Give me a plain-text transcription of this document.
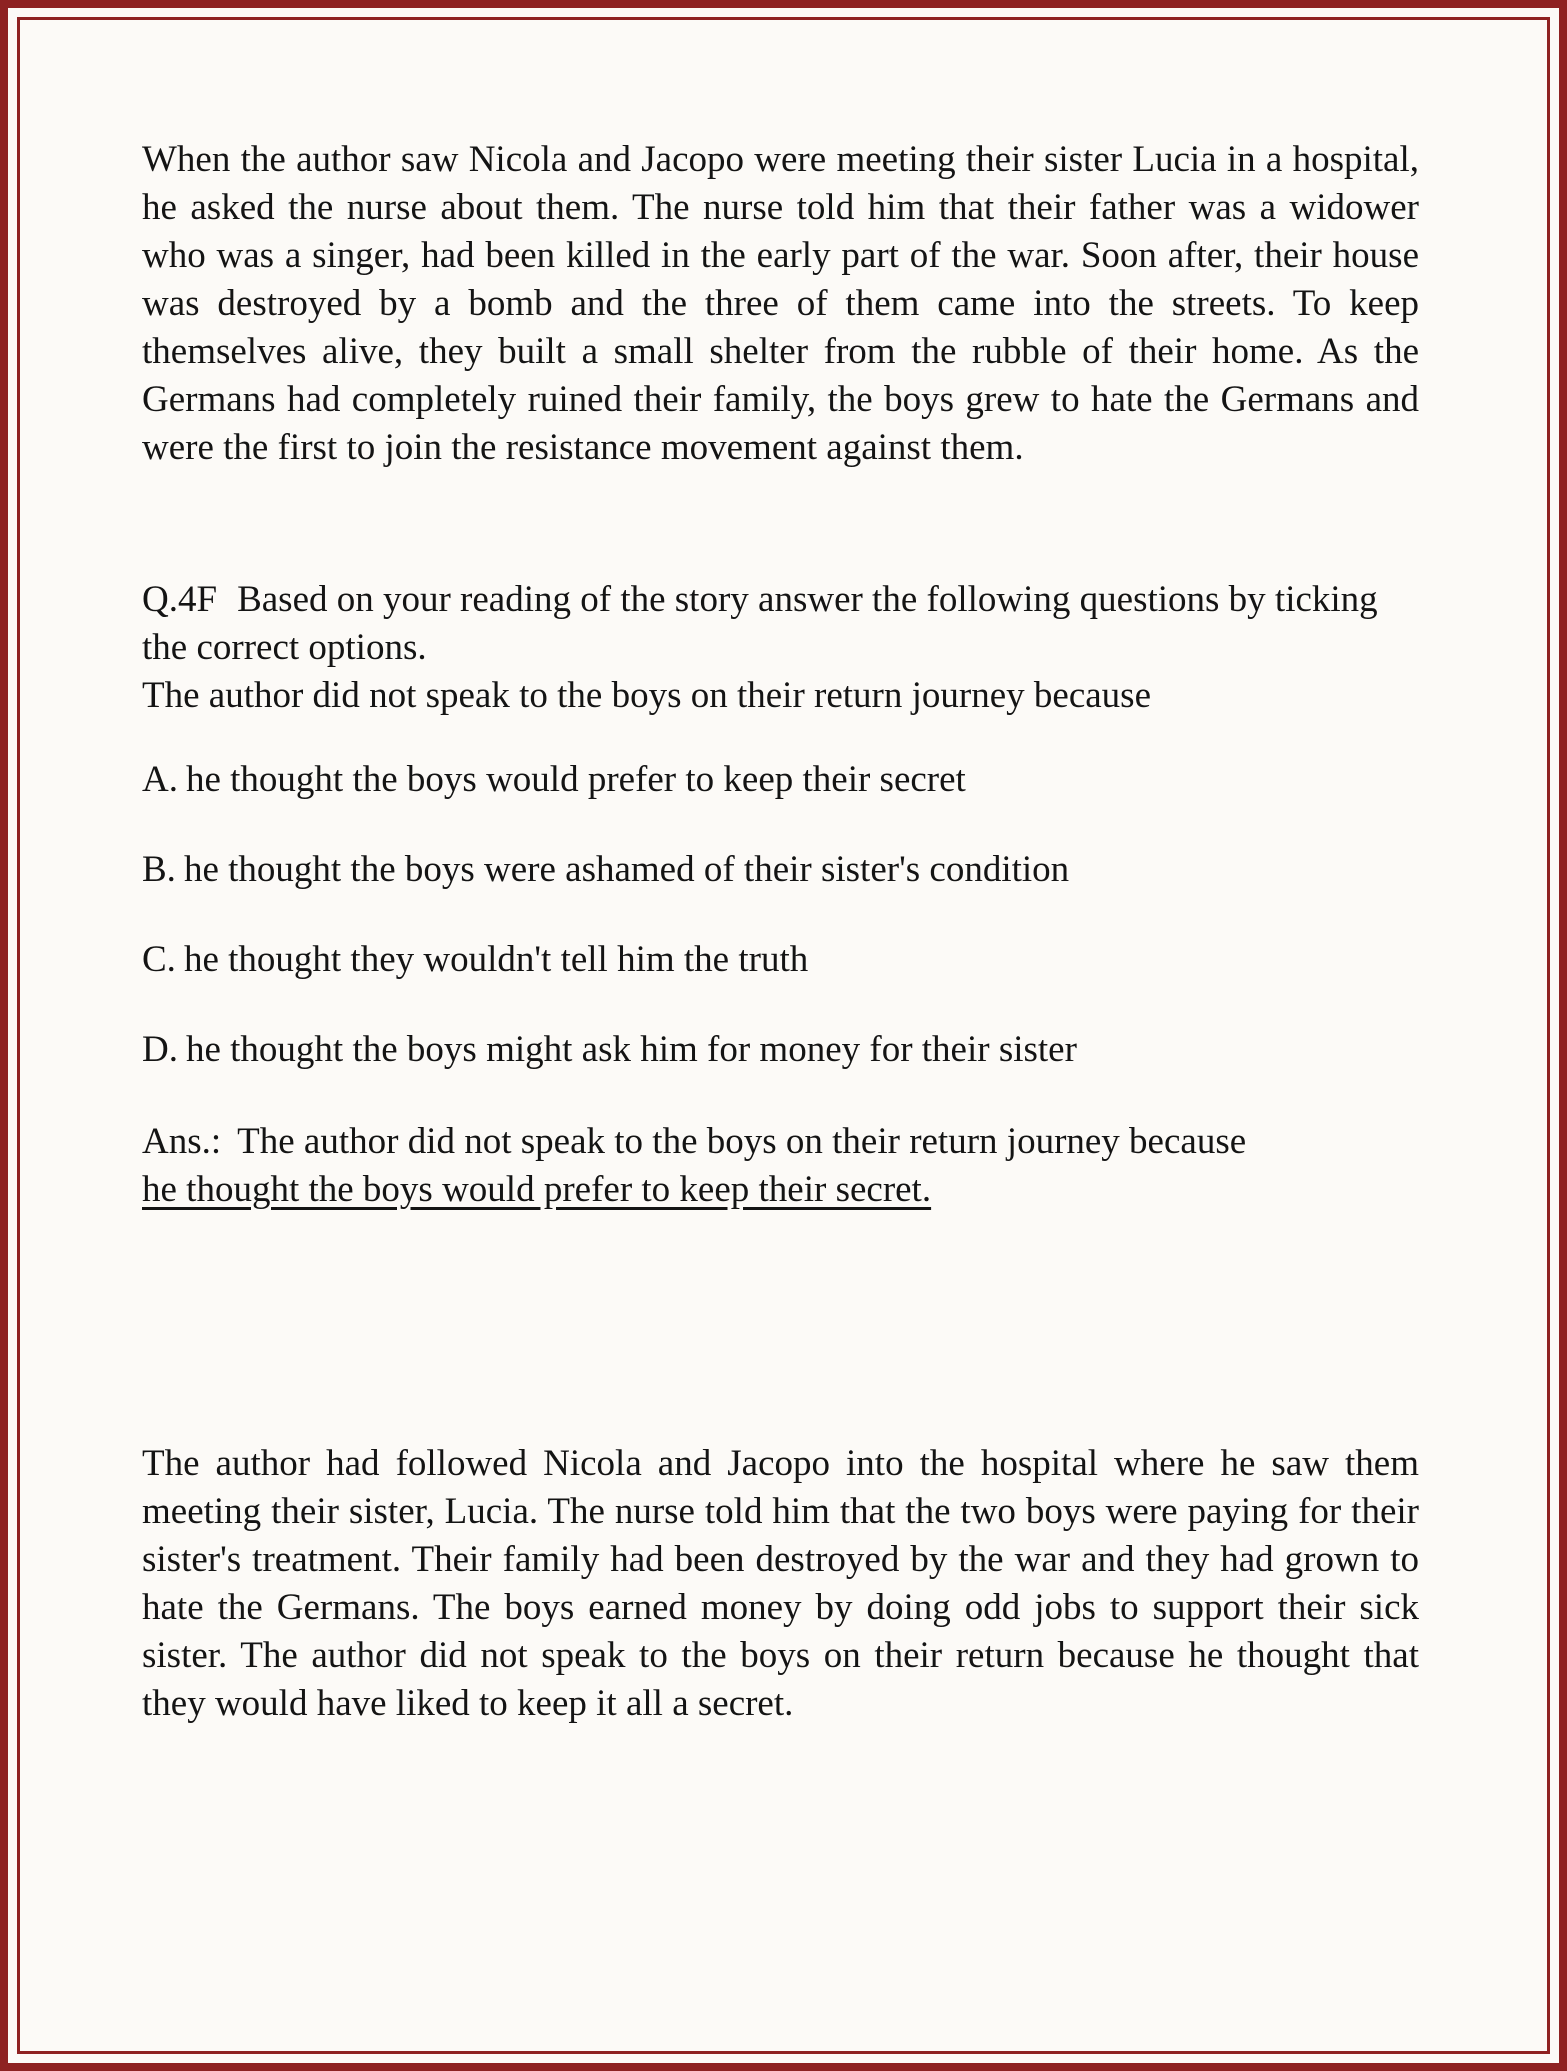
When the author saw Nicola and Jacopo were meeting their sister Lucia in a hospital, he asked the nurse about them. The nurse told him that their father was a widower who was a singer, had been killed in the early part of the war. Soon after, their house was destroyed by a bomb and the three of them came into the streets. To keep themselves alive, they built a small shelter from the rubble of their home. As the Germans had completely ruined their family, the boys grew to hate the Germans and were the first to join the resistance movement against them.

Q.4F Based on your reading of the story answer the following questions by ticking the correct options.

The author did not speak to the boys on their return journey because

A. he thought the boys would prefer to keep their secret

B. he thought the boys were ashamed of their sister's condition

C. he thought they wouldn't tell him the truth

D. he thought the boys might ask him for money for their sister

Ans.: The author did not speak to the boys on their return journey because

he thought the boys would prefer to keep their secret.

The author had followed Nicola and Jacopo into the hospital where he saw them meeting their sister, Lucia. The nurse told him that the two boys were paying for their sister's treatment. Their family had been destroyed by the war and they had grown to hate the Germans. The boys earned money by doing odd jobs to support their sick sister. The author did not speak to the boys on their return because he thought that they would have liked to keep it all a secret.
